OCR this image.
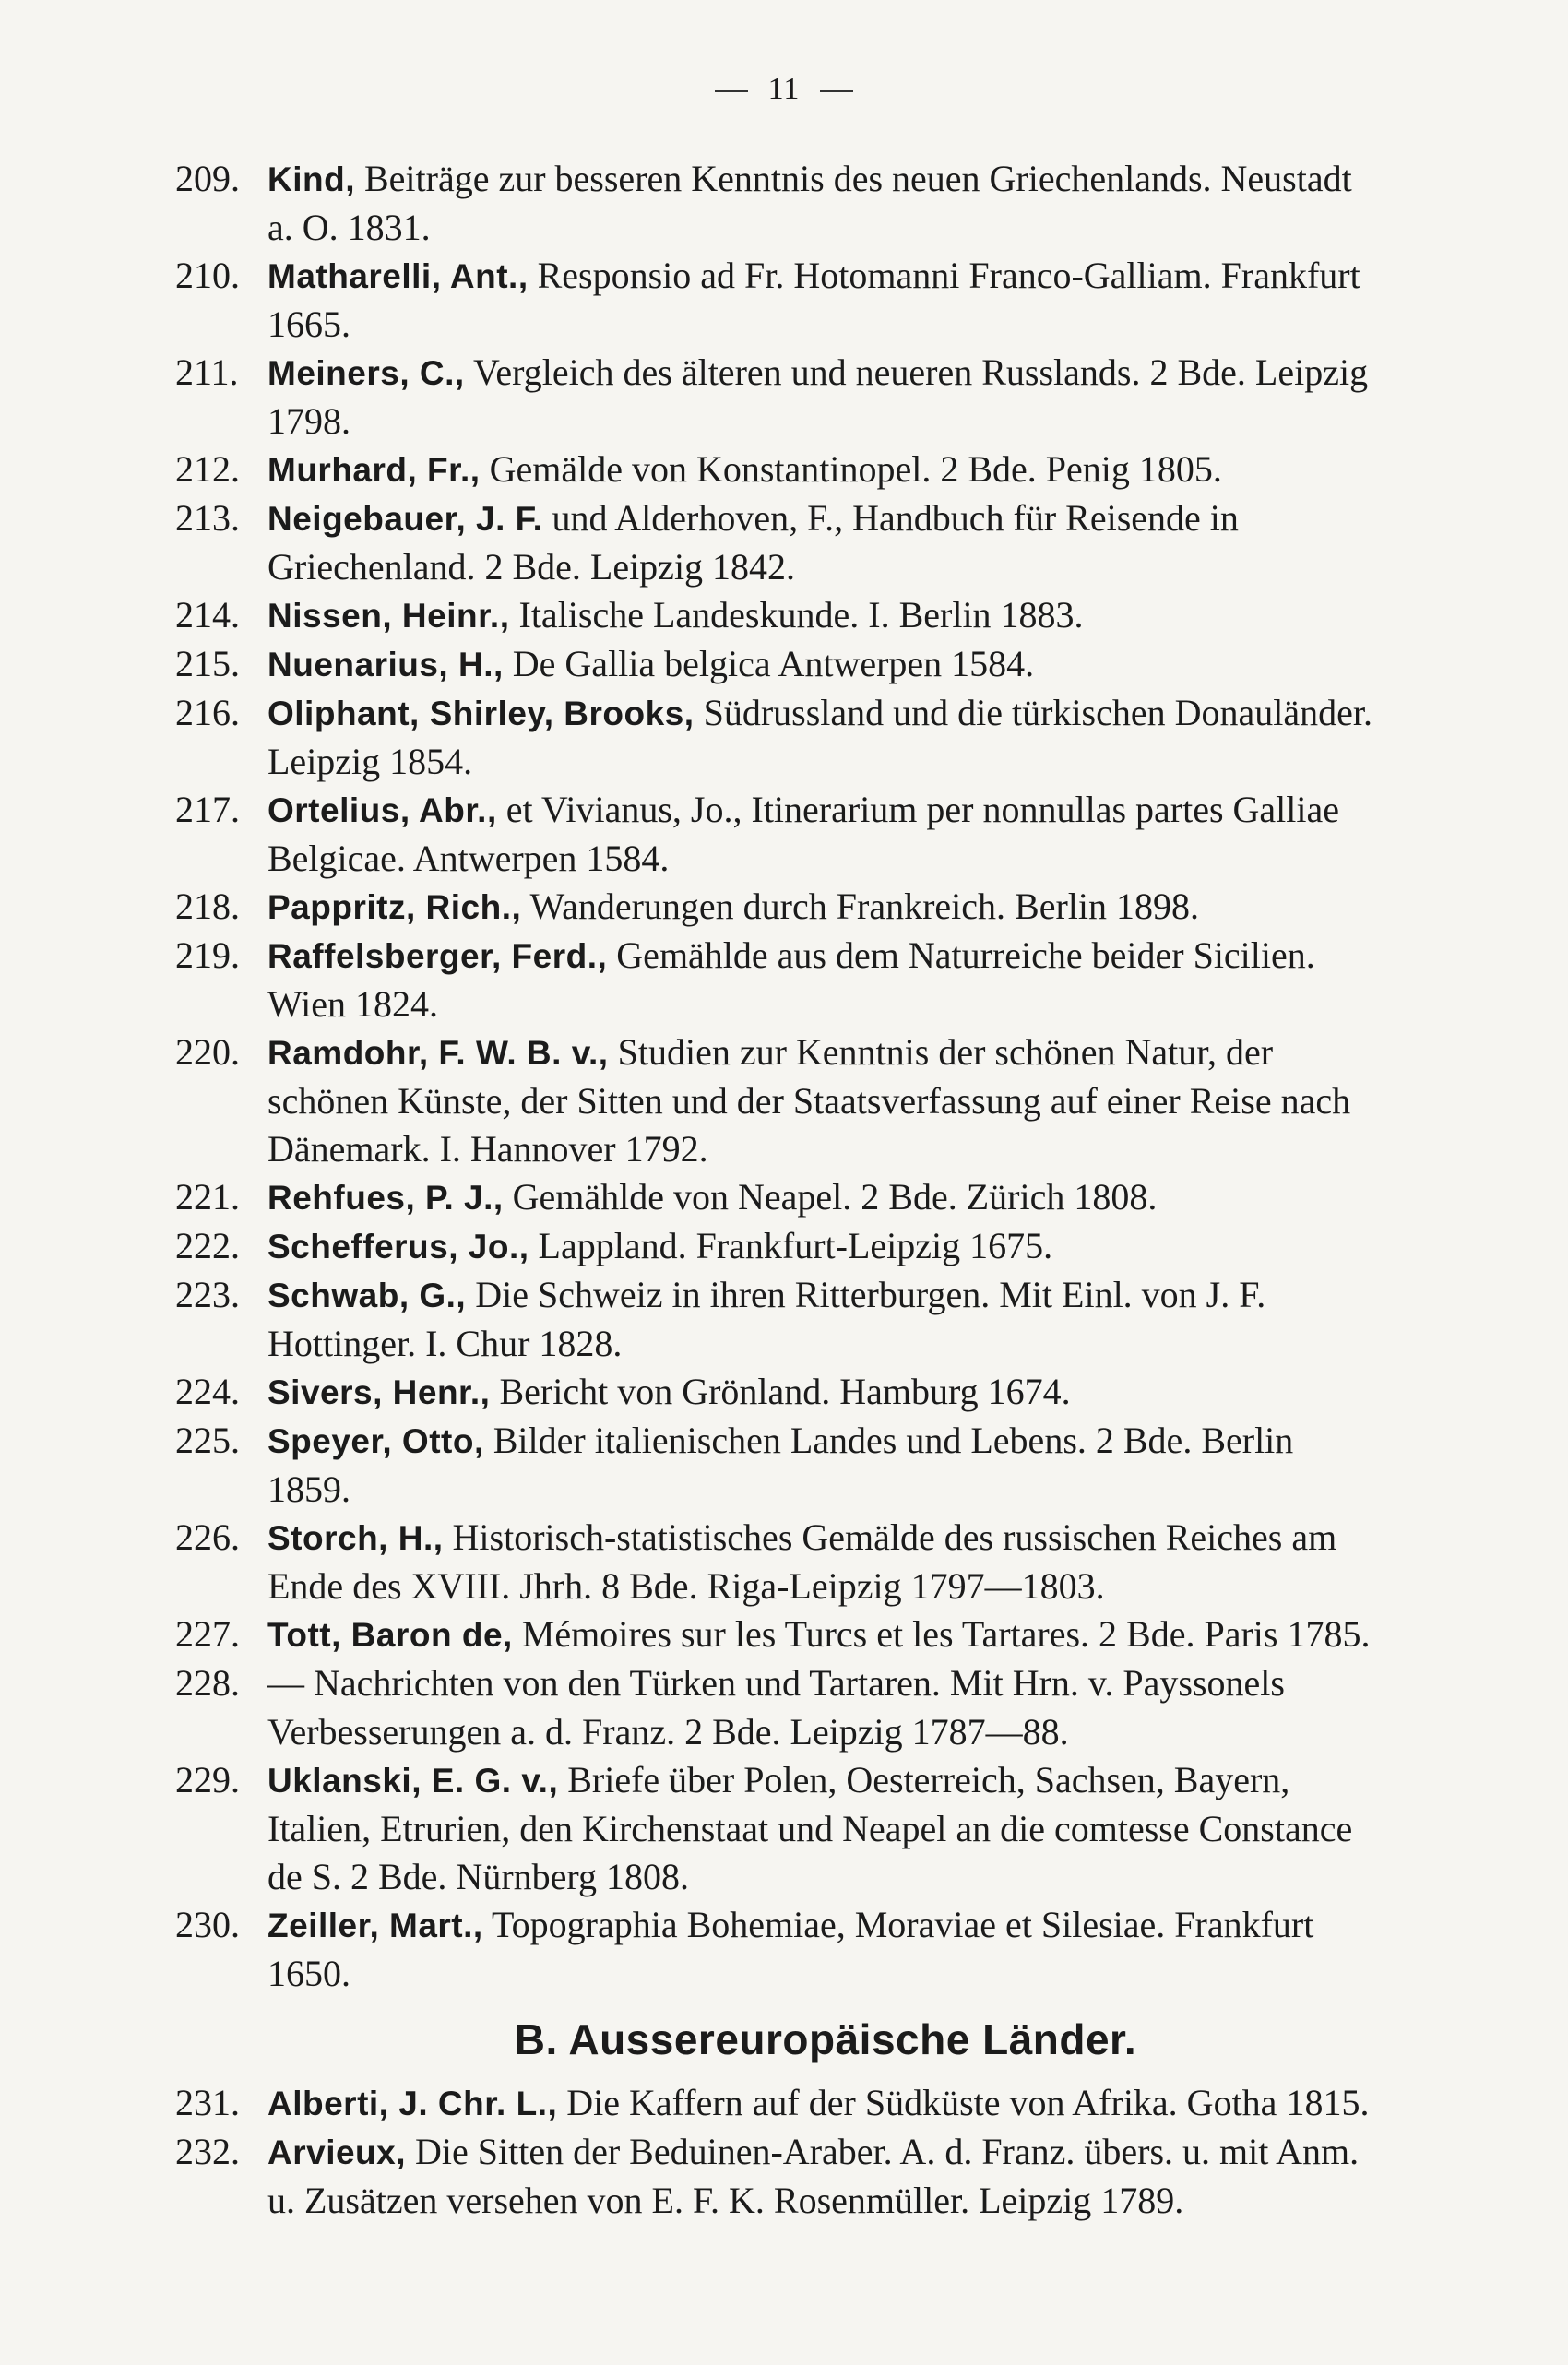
11
209. Kind, Beiträge zur besseren Kenntnis des neuen Griechenlands. Neustadt a. O. 1831.
210. Matharelli, Ant., Responsio ad Fr. Hotomanni Franco-Galliam. Frankfurt 1665.
211. Meiners, C., Vergleich des älteren und neueren Russlands. 2 Bde. Leipzig 1798.
212. Murhard, Fr., Gemälde von Konstantinopel. 2 Bde. Penig 1805.
213. Neigebauer, J. F. und Alderhoven, F., Handbuch für Reisende in Griechenland. 2 Bde. Leipzig 1842.
214. Nissen, Heinr., Italische Landeskunde. I. Berlin 1883.
215. Nuenarius, H., De Gallia belgica Antwerpen 1584.
216. Oliphant, Shirley, Brooks, Südrussland und die türkischen Donauländer. Leipzig 1854.
217. Ortelius, Abr., et Vivianus, Jo., Itinerarium per nonnullas partes Galliae Belgicae. Antwerpen 1584.
218. Pappritz, Rich., Wanderungen durch Frankreich. Berlin 1898.
219. Raffelsberger, Ferd., Gemählde aus dem Naturreiche beider Sicilien. Wien 1824.
220. Ramdohr, F. W. B. v., Studien zur Kenntnis der schönen Natur, der schönen Künste, der Sitten und der Staatsverfassung auf einer Reise nach Dänemark. I. Hannover 1792.
221. Rehfues, P. J., Gemählde von Neapel. 2 Bde. Zürich 1808.
222. Schefferus, Jo., Lappland. Frankfurt-Leipzig 1675.
223. Schwab, G., Die Schweiz in ihren Ritterburgen. Mit Einl. von J. F. Hottinger. I. Chur 1828.
224. Sivers, Henr., Bericht von Grönland. Hamburg 1674.
225. Speyer, Otto, Bilder italienischen Landes und Lebens. 2 Bde. Berlin 1859.
226. Storch, H., Historisch-statistisches Gemälde des russischen Reiches am Ende des XVIII. Jhrh. 8 Bde. Riga-Leipzig 1797—1803.
227. Tott, Baron de, Mémoires sur les Turcs et les Tartares. 2 Bde. Paris 1785.
228. — Nachrichten von den Türken und Tartaren. Mit Hrn. v. Payssonels Verbesserungen a. d. Franz. 2 Bde. Leipzig 1787—88.
229. Uklanski, E. G. v., Briefe über Polen, Oesterreich, Sachsen, Bayern, Italien, Etrurien, den Kirchenstaat und Neapel an die comtesse Constance de S. 2 Bde. Nürnberg 1808.
230. Zeiller, Mart., Topographia Bohemiae, Moraviae et Silesiae. Frankfurt 1650.
B. Aussereuropäische Länder.
231. Alberti, J. Chr. L., Die Kaffern auf der Südküste von Afrika. Gotha 1815.
232. Arvieux, Die Sitten der Beduinen-Araber. A. d. Franz. übers. u. mit Anm. u. Zusätzen versehen von E. F. K. Rosenmüller. Leipzig 1789.
